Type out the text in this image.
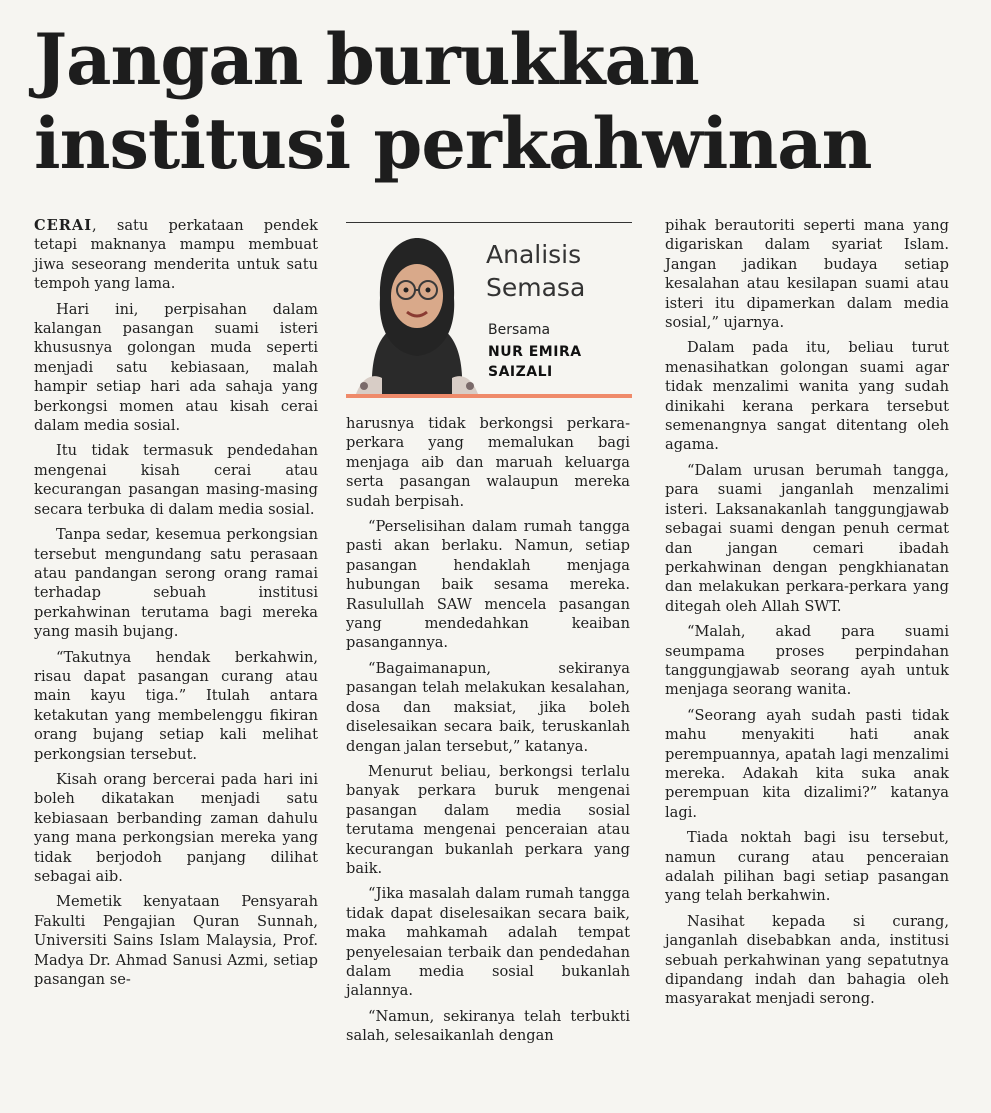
Jangan burukkan
institusi perkahwinan

CERAI, satu perkataan pendek tetapi maknanya mampu membuat jiwa seseorang menderita untuk satu tempoh yang lama.

Hari ini, perpisahan dalam kalangan pasangan suami isteri khususnya golongan muda seperti menjadi satu kebiasaan, malah hampir setiap hari ada sahaja yang berkongsi momen atau kisah cerai dalam media sosial.

Itu tidak termasuk pendedahan mengenai kisah cerai atau kecurangan pasangan masing-masing secara terbuka di dalam media sosial.

Tanpa sedar, kesemua perkongsian tersebut mengundang satu perasaan atau pandangan serong orang ramai terhadap sebuah institusi perkahwinan terutama bagi mereka yang masih bujang.

“Takutnya hendak berkahwin, risau dapat pasangan curang atau main kayu tiga.” Itulah antara ketakutan yang membelenggu fikiran orang bujang setiap kali melihat perkongsian tersebut.

Kisah orang bercerai pada hari ini boleh dikatakan menjadi satu kebiasaan berbanding zaman dahulu yang mana perkongsian mereka yang tidak berjodoh panjang dilihat sebagai aib.

Memetik kenyataan Pensyarah Fakulti Pengajian Quran Sunnah, Universiti Sains Islam Malaysia, Prof. Madya Dr. Ahmad Sanusi Azmi, setiap pasangan se-

Analisis
Semasa
Bersama
NUR EMIRA
SAIZALI

harusnya tidak berkongsi perkara-perkara yang memalukan bagi menjaga aib dan maruah keluarga serta pasangan walaupun mereka sudah berpisah.

“Perselisihan dalam rumah tangga pasti akan berlaku. Namun, setiap pasangan hendaklah menjaga hubungan baik sesama mereka. Rasulullah SAW mencela pasangan yang mendedahkan keaiban pasangannya.

“Bagaimanapun, sekiranya pasangan telah melakukan kesalahan, dosa dan maksiat, jika boleh diselesaikan secara baik, teruskanlah dengan jalan tersebut,” katanya.

Menurut beliau, berkongsi terlalu banyak perkara buruk mengenai pasangan dalam media sosial terutama mengenai penceraian atau kecurangan bukanlah perkara yang baik.

“Jika masalah dalam rumah tangga tidak dapat diselesaikan secara baik, maka mahkamah adalah tempat penyelesaian terbaik dan pendedahan dalam media sosial bukanlah jalannya.

“Namun, sekiranya telah terbukti salah, selesaikanlah dengan

pihak berautoriti seperti mana yang digariskan dalam syariat Islam. Jangan jadikan budaya setiap kesalahan atau kesilapan suami atau isteri itu dipamerkan dalam media sosial,” ujarnya.

Dalam pada itu, beliau turut menasihatkan golongan suami agar tidak menzalimi wanita yang sudah dinikahi kerana perkara tersebut semenangnya sangat ditentang oleh agama.

“Dalam urusan berumah tangga, para suami janganlah menzalimi isteri. Laksanakanlah tanggungjawab sebagai suami dengan penuh cermat dan jangan cemari ibadah perkahwinan dengan pengkhianatan dan melakukan perkara-perkara yang ditegah oleh Allah SWT.

“Malah, akad para suami seumpama proses perpindahan tanggungjawab seorang ayah untuk menjaga seorang wanita.

“Seorang ayah sudah pasti tidak mahu menyakiti hati anak perempuannya, apatah lagi menzalimi mereka. Adakah kita suka anak perempuan kita dizalimi?” katanya lagi.

Tiada noktah bagi isu tersebut, namun curang atau penceraian adalah pilihan bagi setiap pasangan yang telah berkahwin.

Nasihat kepada si curang, janganlah disebabkan anda, institusi sebuah perkahwinan yang sepatutnya dipandang indah dan bahagia oleh masyarakat menjadi serong.
